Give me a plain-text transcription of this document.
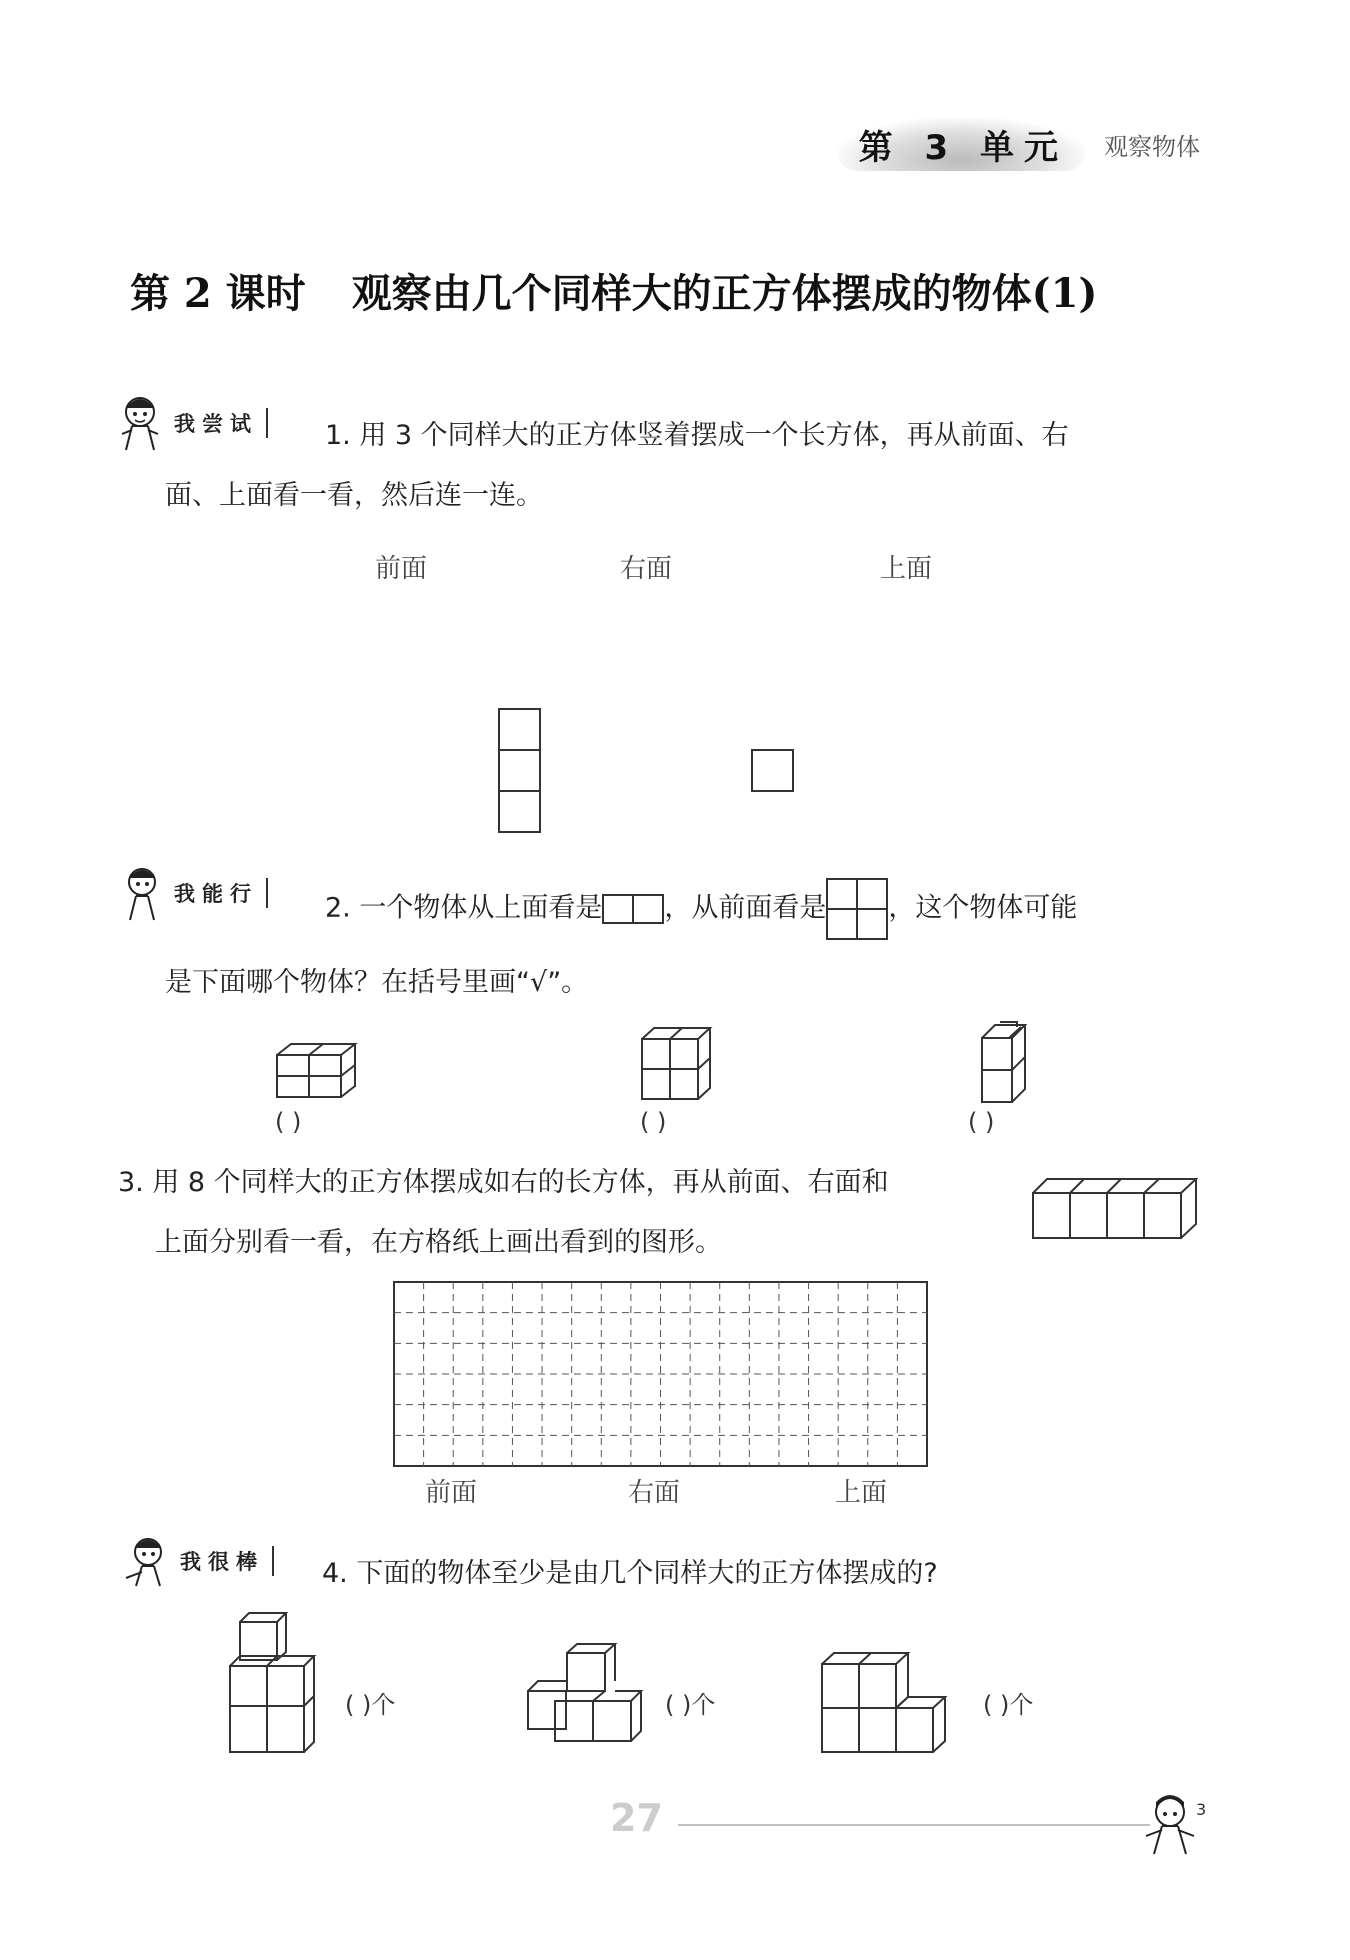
第 3 单元	观察物体
第 2 课时 观察由几个同样大的正方体摆成的物体(1)
我尝试	1. 用 3 个同样大的正方体竖着摆成一个长方体，再从前面、右
面、上面看一看，然后连一连。
前面	右面	上面
我能行	2. 一个物体从上面看是 ，从前面看是 ，这个物体可能
是下面哪个物体？在括号里画“√”。
( )	( )	( )
3. 用 8 个同样大的正方体摆成如右的长方体，再从前面、右面和
上面分别看一看，在方格纸上画出看到的图形。
前面	右面	上面
我很棒	4. 下面的物体至少是由几个同样大的正方体摆成的?
( )个	( )个	( )个
27	3
